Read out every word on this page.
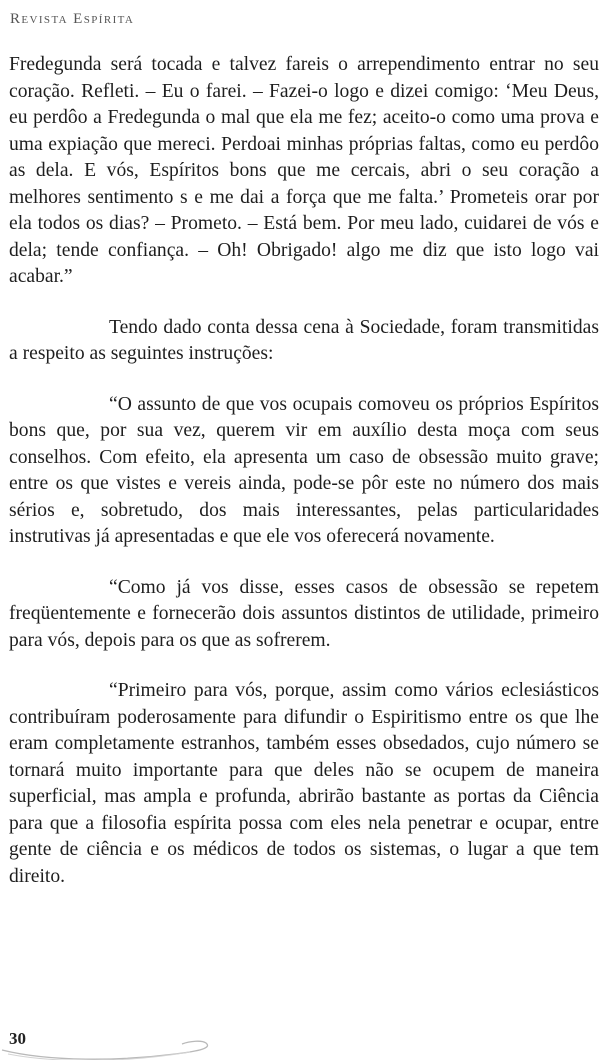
Revista Espírita

Fredegunda será tocada e talvez fareis o arrependimento entrar no seu coração. Refleti. – Eu o farei. – Fazei-o logo e dizei comigo: ‘Meu Deus, eu perdôo a Fredegunda o mal que ela me fez; aceito-o como uma prova e uma expiação que mereci. Perdoai minhas próprias faltas, como eu perdôo as dela. E vós, Espíritos bons que me cercais, abri o seu coração a melhores sentimento s e me dai a força que me falta.’ Prometeis orar por ela todos os dias? – Prometo. – Está bem. Por meu lado, cuidarei de vós e dela; tende confiança. – Oh! Obrigado! algo me diz que isto logo vai acabar.”

Tendo dado conta dessa cena à Sociedade, foram transmitidas a respeito as seguintes instruções:

“O assunto de que vos ocupais comoveu os próprios Espíritos bons que, por sua vez, querem vir em auxílio desta moça com seus conselhos. Com efeito, ela apresenta um caso de obsessão muito grave; entre os que vistes e vereis ainda, pode-se pôr este no número dos mais sérios e, sobretudo, dos mais interessantes, pelas particularidades instrutivas já apresentadas e que ele vos oferecerá novamente.

“Como já vos disse, esses casos de obsessão se repetem freqüentemente e fornecerão dois assuntos distintos de utilidade, primeiro para vós, depois para os que as sofrerem.

“Primeiro para vós, porque, assim como vários eclesiásticos contribuíram poderosamente para difundir o Espiritismo entre os que lhe eram completamente estranhos, também esses obsedados, cujo número se tornará muito importante para que deles não se ocupem de maneira superficial, mas ampla e profunda, abrirão bastante as portas da Ciência para que a filosofia espírita possa com eles nela penetrar e ocupar, entre gente de ciência e os médicos de todos os sistemas, o lugar a que tem direito.

30
